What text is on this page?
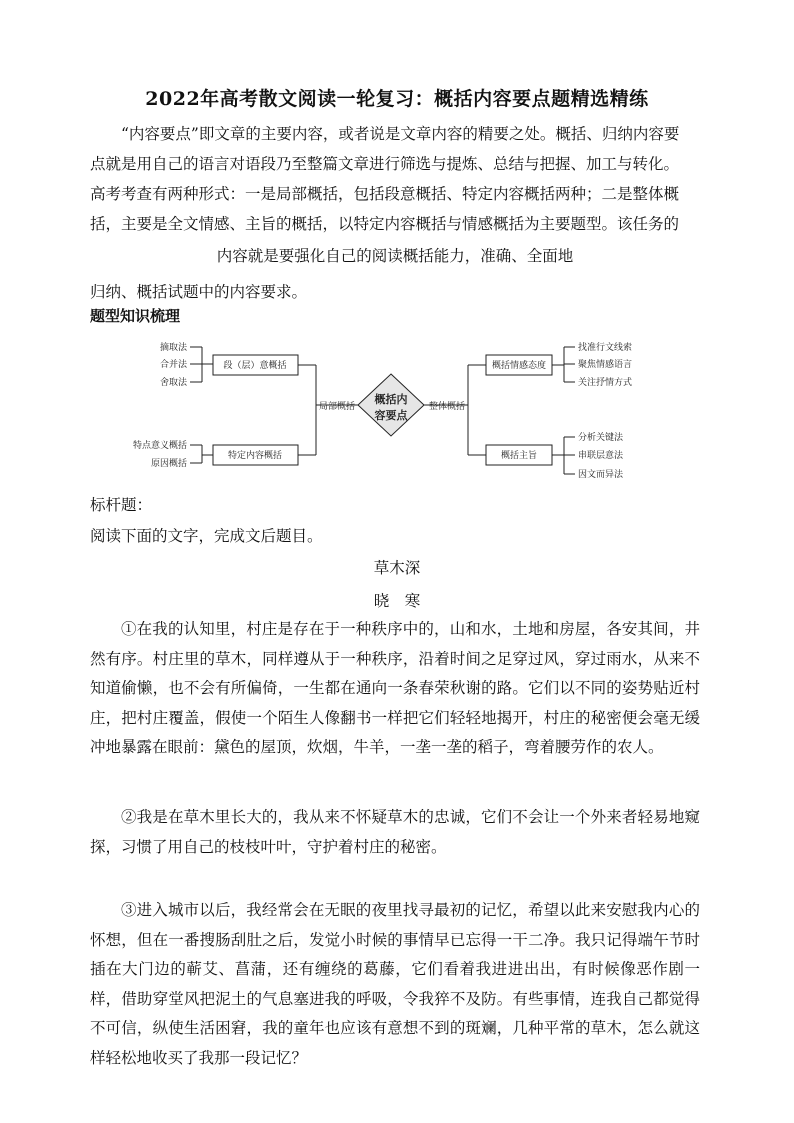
2022年高考散文阅读一轮复习：概括内容要点题精选精练
“内容要点”即文章的主要内容，或者说是文章内容的精要之处。概括、归纳内容要
点就是用自己的语言对语段乃至整篇文章进行筛选与提炼、总结与把握、加工与转化。
高考考查有两种形式：一是局部概括，包括段意概括、特定内容概括两种；二是整体概
括，主要是全文情感、主旨的概括，以特定内容概括与情感概括为主要题型。该任务的
内容就是要强化自己的阅读概括能力，准确、全面地
归纳、概括试题中的内容要求。
题型知识梳理
摘取法
合并法
舍取法
特点意义概括
原因概括
段（层）意概括
特定内容概括
局部概括	整体概括
概括情感态度
概括主旨
找准行文线索
聚焦情感语言
关注抒情方式
分析关键法
串联层意法
因文而异法
概括内
容要点
标杆题：
阅读下面的文字，完成文后题目。
草木深
晓　寒
①在我的认知里，村庄是存在于一种秩序中的，山和水，土地和房屋，各安其间，井然有序。村庄里的草木，同样遵从于一种秩序，沿着时间之足穿过风，穿过雨水，从来不知道偷懒，也不会有所偏倚，一生都在通向一条春荣秋谢的路。它们以不同的姿势贴近村庄，把村庄覆盖，假使一个陌生人像翻书一样把它们轻轻地揭开，村庄的秘密便会毫无缓冲地暴露在眼前：黛色的屋顶，炊烟，牛羊，一垄一垄的稻子，弯着腰劳作的农人。
②我是在草木里长大的，我从来不怀疑草木的忠诚，它们不会让一个外来者轻易地窥探，习惯了用自己的枝枝叶叶，守护着村庄的秘密。
③进入城市以后，我经常会在无眠的夜里找寻最初的记忆，希望以此来安慰我内心的怀想，但在一番搜肠刮肚之后，发觉小时候的事情早已忘得一干二净。我只记得端午节时插在大门边的蕲艾、菖蒲，还有缠绕的葛藤，它们看着我进进出出，有时候像恶作剧一样，借助穿堂风把泥土的气息塞进我的呼吸，令我猝不及防。有些事情，连我自己都觉得不可信，纵使生活困窘，我的童年也应该有意想不到的斑斓，几种平常的草木，怎么就这样轻松地收买了我那一段记忆？
